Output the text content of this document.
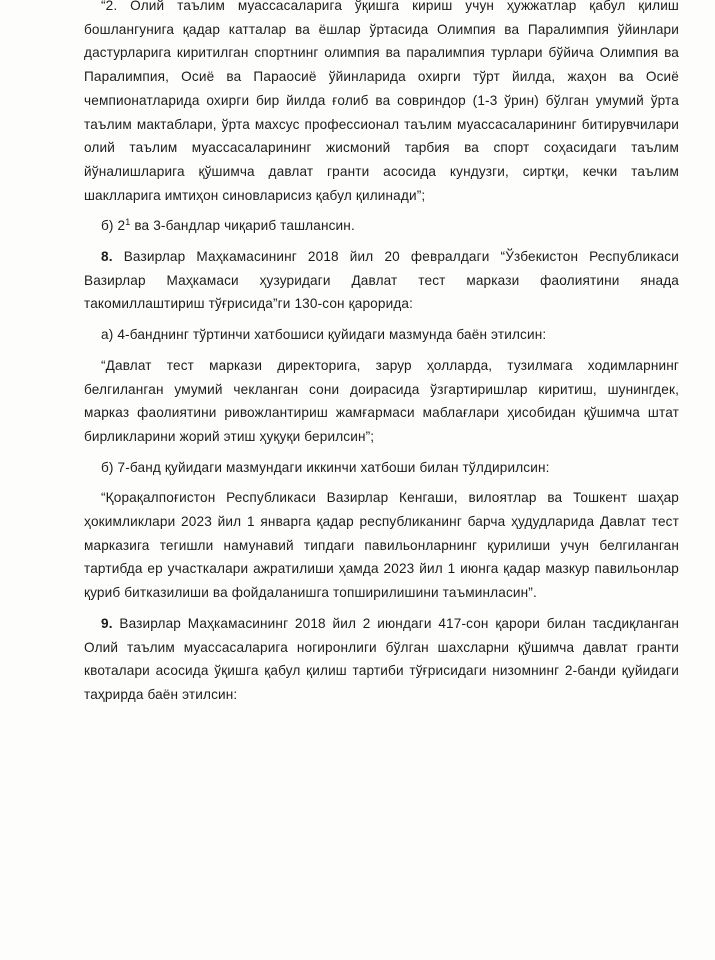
“2. Олий таълим муассасаларига ўқишга кириш учун ҳужжатлар қабул қилиш бошлангунига қадар катталар ва ёшлар ўртасида Олимпия ва Паралимпия ўйинлари дастурларига киритилган спортнинг олимпия ва паралимпия турлари бўйича Олимпия ва Паралимпия, Осиё ва Параосиё ўйинларида охирги тўрт йилда, жаҳон ва Осиё чемпионатларида охирги бир йилда ғолиб ва совриндор (1-3 ўрин) бўлган умумий ўрта таълим мактаблари, ўрта махсус профессионал таълим муассасаларининг битирувчилари олий таълим муассасаларининг жисмоний тарбия ва спорт соҳасидаги таълим йўналишларига қўшимча давлат гранти асосида кундузги, сиртқи, кечки таълим шаклларига имтиҳон синовларисиз қабул қилинади”;

б) $2^1$ ва 3-бандлар чиқариб ташлансин.

8. Вазирлар Маҳкамасининг 2018 йил 20 февралдаги “Ўзбекистон Республикаси Вазирлар Маҳкамаси ҳузуридаги Давлат тест маркази фаолиятини янада такомиллаштириш тўғрисида”ги 130-сон қарорида:

а) 4-банднинг тўртинчи хатбошиси қуйидаги мазмунда баён этилсин:

“Давлат тест маркази директорига, зарур ҳолларда, тузилмага ходимларнинг белгиланган умумий чекланган сони доирасида ўзгартиришлар киритиш, шунингдек, марказ фаолиятини ривожлантириш жамғармаси маблағлари ҳисобидан қўшимча штат бирликларини жорий этиш ҳуқуқи берилсин”;

б) 7-банд қуйидаги мазмундаги иккинчи хатбоши билан тўлдирилсин:

“Қорақалпоғистон Республикаси Вазирлар Кенгаши, вилоятлар ва Тошкент шаҳар ҳокимликлари 2023 йил 1 январга қадар республиканинг барча ҳудудларида Давлат тест марказига тегишли намунавий типдаги павильонларнинг қурилиши учун белгиланган тартибда ер участкалари ажратилиши ҳамда 2023 йил 1 июнга қадар мазкур павильонлар қуриб битказилиши ва фойдаланишга топширилишини таъминласин”.

9. Вазирлар Маҳкамасининг 2018 йил 2 июндаги 417-сон қарори билан тасдиқланган Олий таълим муассасаларига ногиронлиги бўлган шахсларни қўшимча давлат гранти квоталари асосида ўқишга қабул қилиш тартиби тўғрисидаги низомнинг 2-банди қуйидаги таҳрирда баён этилсин:
